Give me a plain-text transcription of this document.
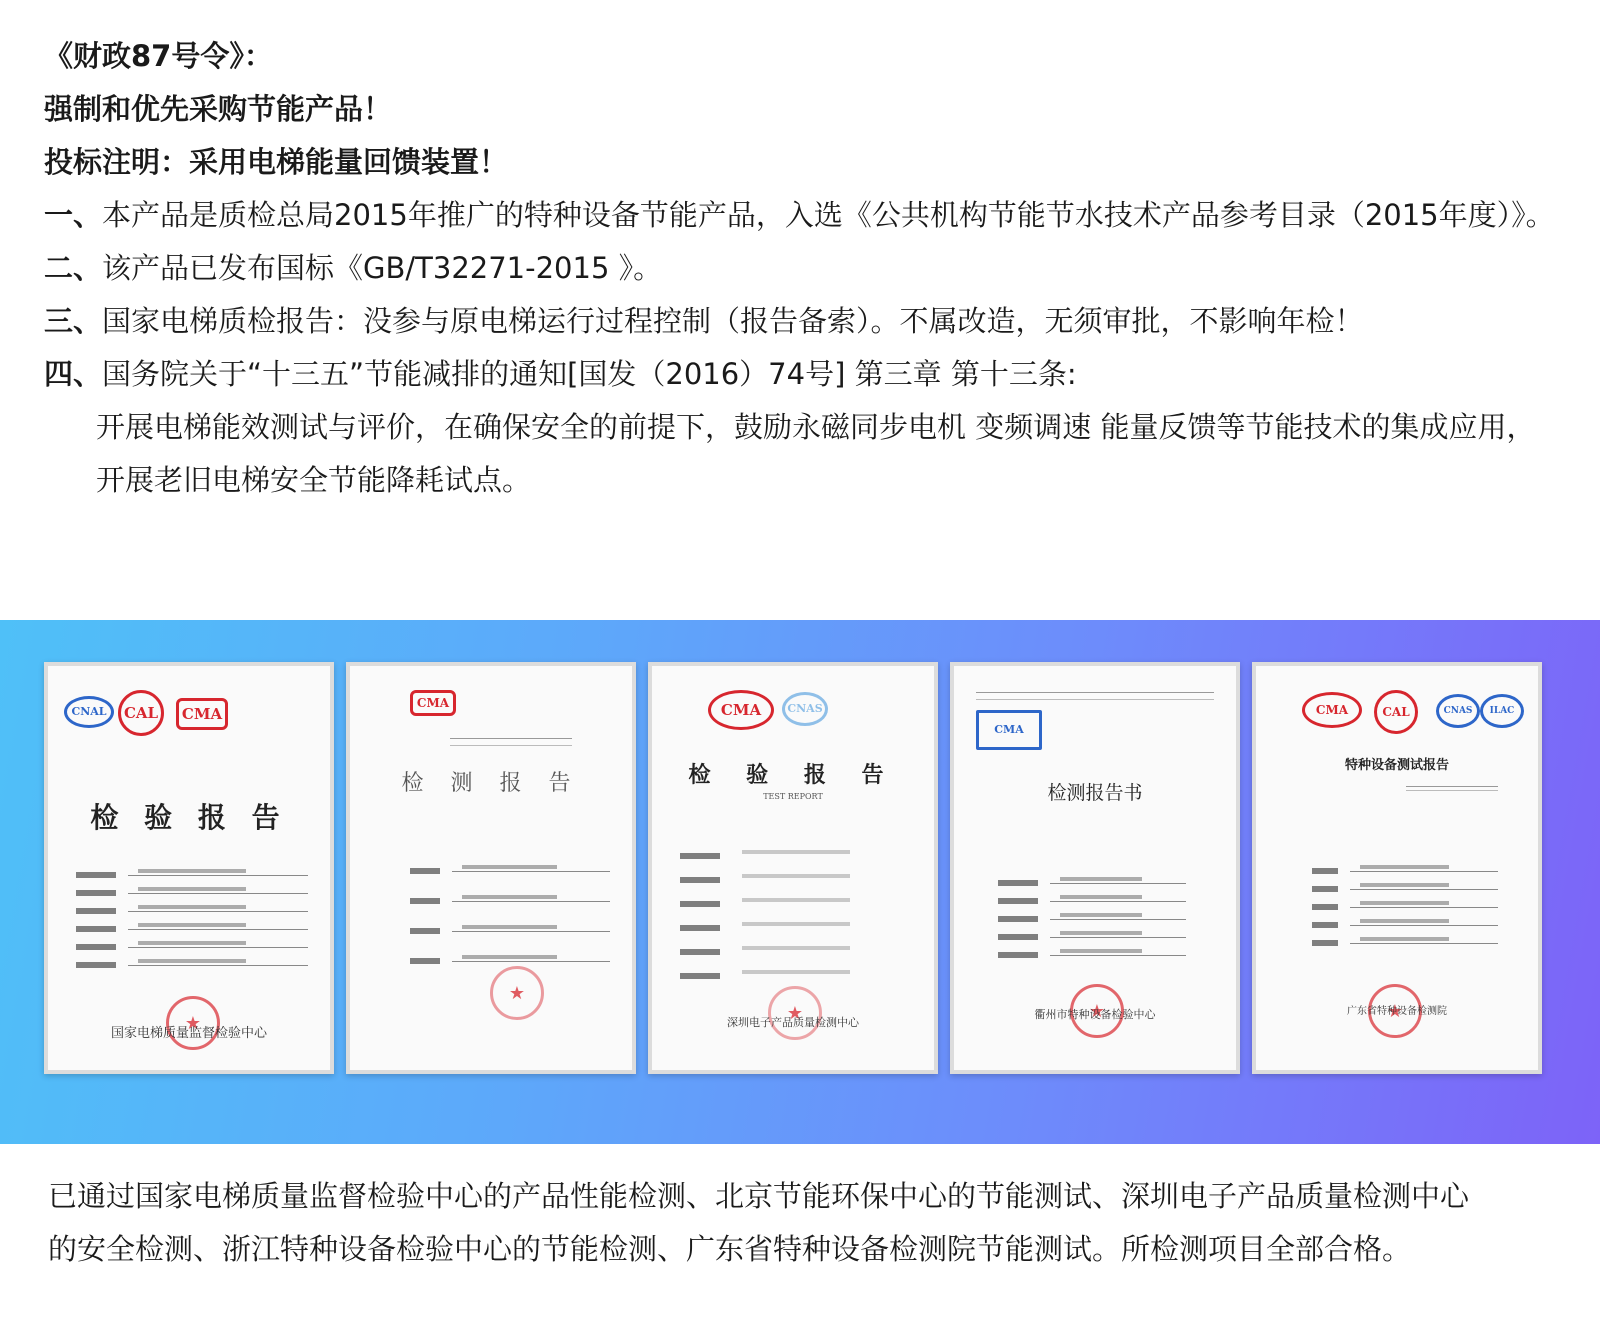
《财政87号令》：
强制和优先采购节能产品！
投标注明：采用电梯能量回馈装置！
一、本产品是质检总局2015年推广的特种设备节能产品，入选《公共机构节能节水技术产品参考目录（2015年度）》。
二、该产品已发布国标《GB/T32271-2015 》。
三、国家电梯质检报告：没参与原电梯运行过程控制（报告备索）。不属改造，无须审批，不影响年检！
四、国务院关于“十三五”节能减排的通知[国发（2016）74号] 第三章 第十三条:
开展电梯能效测试与评价，在确保安全的前提下，鼓励永磁同步电机 变频调速 能量反馈等节能技术的集成应用，
开展老旧电梯安全节能降耗试点。
CNAL	CAL	CMA
检 验 报 告
★
国家电梯质量监督检验中心
CMA
检 测 报 告
★
CMA	CNAS
检 验 报 告
TEST REPORT
★
深圳电子产品质量检测中心
CMA
检测报告书
★
衢州市特种设备检验中心
CMA	CAL	CNAS	ILAC
特种设备测试报告
★
广东省特种设备检测院
已通过国家电梯质量监督检验中心的产品性能检测、北京节能环保中心的节能测试、深圳电子产品质量检测中心
的安全检测、浙江特种设备检验中心的节能检测、广东省特种设备检测院节能测试。所检测项目全部合格。
